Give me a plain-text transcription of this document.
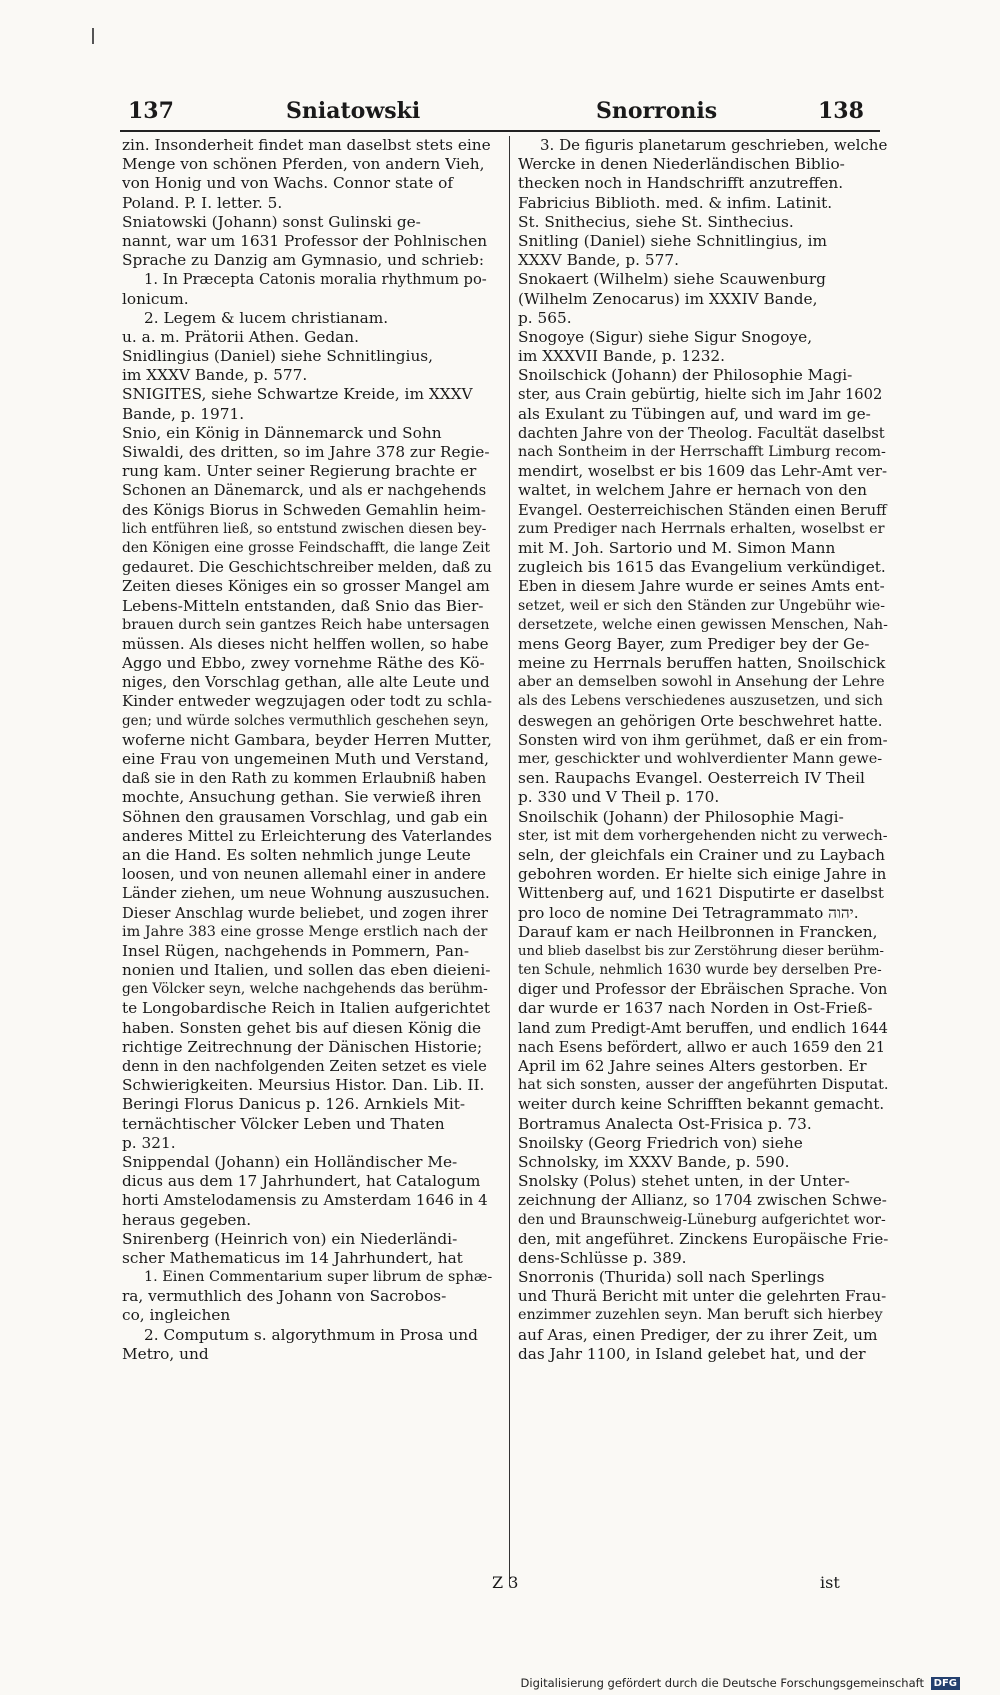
137	Sniatowski	Snorronis	138
zin. Insonderheit findet man daselbst stets eine
Menge von schönen Pferden, von andern Vieh,
von Honig und von Wachs. Connor state of
Poland. P. I. letter. 5.
Sniatowski (Johann) sonst Gulinski ge-
nannt, war um 1631 Professor der Pohlnischen
Sprache zu Danzig am Gymnasio, und schrieb:
1. In Præcepta Catonis moralia rhythmum po-
lonicum.
2. Legem & lucem christianam.
u. a. m. Prätorii Athen. Gedan.
Snidlingius (Daniel) siehe Schnitlingius,
im XXXV Bande, p. 577.
SNIGITES, siehe Schwartze Kreide, im XXXV
Bande, p. 1971.
Snio, ein König in Dännemarck und Sohn
Siwaldi, des dritten, so im Jahre 378 zur Regie-
rung kam. Unter seiner Regierung brachte er
Schonen an Dänemarck, und als er nachgehends
des Königs Biorus in Schweden Gemahlin heim-
lich entführen ließ, so entstund zwischen diesen bey-
den Königen eine grosse Feindschafft, die lange Zeit
gedauret. Die Geschichtschreiber melden, daß zu
Zeiten dieses Königes ein so grosser Mangel am
Lebens-Mitteln entstanden, daß Snio das Bier-
brauen durch sein gantzes Reich habe untersagen
müssen. Als dieses nicht helffen wollen, so habe
Aggo und Ebbo, zwey vornehme Räthe des Kö-
niges, den Vorschlag gethan, alle alte Leute und
Kinder entweder wegzujagen oder todt zu schla-
gen; und würde solches vermuthlich geschehen seyn,
woferne nicht Gambara, beyder Herren Mutter,
eine Frau von ungemeinen Muth und Verstand,
daß sie in den Rath zu kommen Erlaubniß haben
mochte, Ansuchung gethan. Sie verwieß ihren
Söhnen den grausamen Vorschlag, und gab ein
anderes Mittel zu Erleichterung des Vaterlandes
an die Hand. Es solten nehmlich junge Leute
loosen, und von neunen allemahl einer in andere
Länder ziehen, um neue Wohnung auszusuchen.
Dieser Anschlag wurde beliebet, und zogen ihrer
im Jahre 383 eine grosse Menge erstlich nach der
Insel Rügen, nachgehends in Pommern, Pan-
nonien und Italien, und sollen das eben dieieni-
gen Völcker seyn, welche nachgehends das berühm-
te Longobardische Reich in Italien aufgerichtet
haben. Sonsten gehet bis auf diesen König die
richtige Zeitrechnung der Dänischen Historie;
denn in den nachfolgenden Zeiten setzet es viele
Schwierigkeiten. Meursius Histor. Dan. Lib. II.
Beringi Florus Danicus p. 126. Arnkiels Mit-
ternächtischer Völcker Leben und Thaten
p. 321.
Snippendal (Johann) ein Holländischer Me-
dicus aus dem 17 Jahrhundert, hat Catalogum
horti Amstelodamensis zu Amsterdam 1646 in 4
heraus gegeben.
Snirenberg (Heinrich von) ein Niederländi-
scher Mathematicus im 14 Jahrhundert, hat
1. Einen Commentarium super librum de sphæ-
ra, vermuthlich des Johann von Sacrobos-
co, ingleichen
2. Computum s. algorythmum in Prosa und
Metro, und
3. De figuris planetarum geschrieben, welche
Wercke in denen Niederländischen Biblio-
thecken noch in Handschrifft anzutreffen.
Fabricius Biblioth. med. & infim. Latinit.
St. Snithecius, siehe St. Sinthecius.
Snitling (Daniel) siehe Schnitlingius, im
XXXV Bande, p. 577.
Snokaert (Wilhelm) siehe Scauwenburg
(Wilhelm Zenocarus) im XXXIV Bande,
p. 565.
Snogoye (Sigur) siehe Sigur Snogoye,
im XXXVII Bande, p. 1232.
Snoilschick (Johann) der Philosophie Magi-
ster, aus Crain gebürtig, hielte sich im Jahr 1602
als Exulant zu Tübingen auf, und ward im ge-
dachten Jahre von der Theolog. Facultät daselbst
nach Sontheim in der Herrschafft Limburg recom-
mendirt, woselbst er bis 1609 das Lehr-Amt ver-
waltet, in welchem Jahre er hernach von den
Evangel. Oesterreichischen Ständen einen Beruff
zum Prediger nach Herrnals erhalten, woselbst er
mit M. Joh. Sartorio und M. Simon Mann
zugleich bis 1615 das Evangelium verkündiget.
Eben in diesem Jahre wurde er seines Amts ent-
setzet, weil er sich den Ständen zur Ungebühr wie-
dersetzete, welche einen gewissen Menschen, Nah-
mens Georg Bayer, zum Prediger bey der Ge-
meine zu Herrnals beruffen hatten, Snoilschick
aber an demselben sowohl in Ansehung der Lehre
als des Lebens verschiedenes auszusetzen, und sich
deswegen an gehörigen Orte beschwehret hatte.
Sonsten wird von ihm gerühmet, daß er ein from-
mer, geschickter und wohlverdienter Mann gewe-
sen. Raupachs Evangel. Oesterreich IV Theil
p. 330 und V Theil p. 170.
Snoilschik (Johann) der Philosophie Magi-
ster, ist mit dem vorhergehenden nicht zu verwech-
seln, der gleichfals ein Crainer und zu Laybach
gebohren worden. Er hielte sich einige Jahre in
Wittenberg auf, und 1621 Disputirte er daselbst
pro loco de nomine Dei Tetragrammato יהוה.
Darauf kam er nach Heilbronnen in Francken,
und blieb daselbst bis zur Zerstöhrung dieser berühm-
ten Schule, nehmlich 1630 wurde bey derselben Pre-
diger und Professor der Ebräischen Sprache. Von
dar wurde er 1637 nach Norden in Ost-Frieß-
land zum Predigt-Amt beruffen, und endlich 1644
nach Esens befördert, allwo er auch 1659 den 21
April im 62 Jahre seines Alters gestorben. Er
hat sich sonsten, ausser der angeführten Disputat.
weiter durch keine Schrifften bekannt gemacht.
Bortramus Analecta Ost-Frisica p. 73.
Snoilsky (Georg Friedrich von) siehe
Schnolsky, im XXXV Bande, p. 590.
Snolsky (Polus) stehet unten, in der Unter-
zeichnung der Allianz, so 1704 zwischen Schwe-
den und Braunschweig-Lüneburg aufgerichtet wor-
den, mit angeführet. Zinckens Europäische Frie-
dens-Schlüsse p. 389.
Snorronis (Thurida) soll nach Sperlings
und Thurä Bericht mit unter die gelehrten Frau-
enzimmer zuzehlen seyn. Man beruft sich hierbey
auf Aras, einen Prediger, der zu ihrer Zeit, um
das Jahr 1100, in Island gelebet hat, und der
Z 3	ist
Digitalisierung gefördert durch die Deutsche Forschungsgemeinschaft DFG
